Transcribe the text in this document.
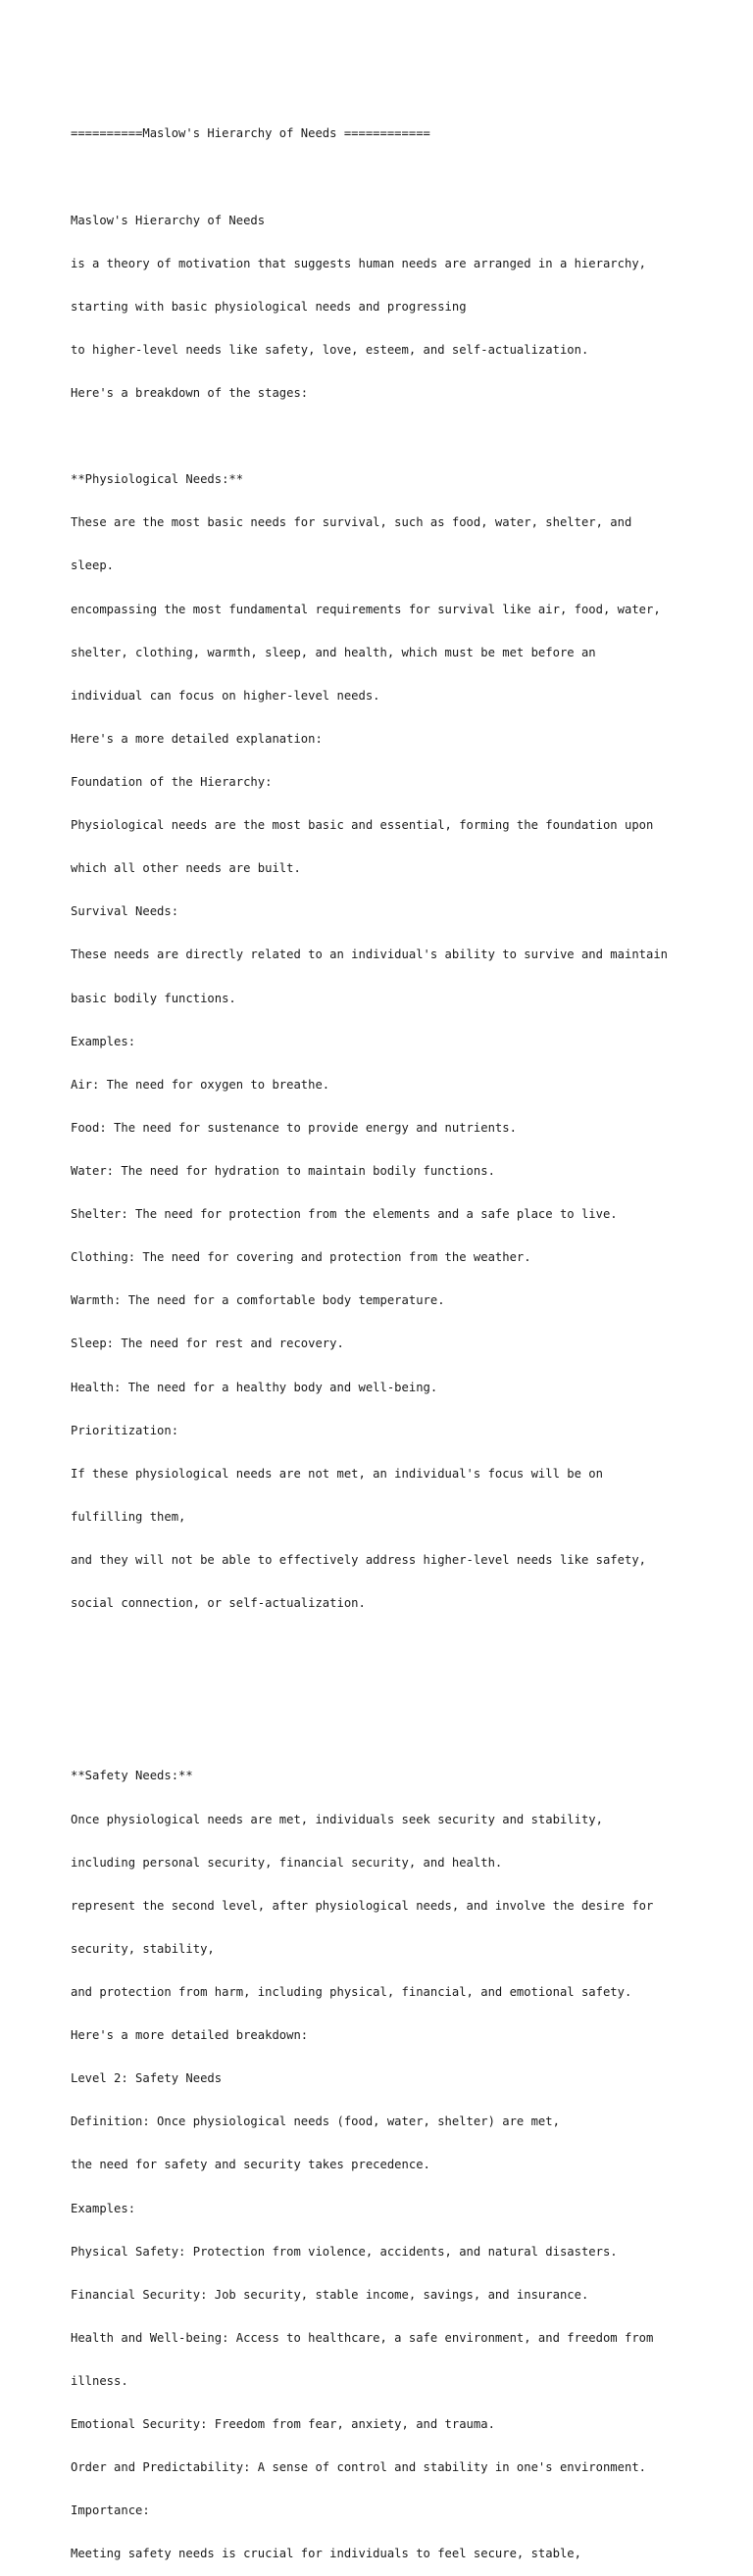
==========Maslow's Hierarchy of Needs ============

Maslow's Hierarchy of Needs

is a theory of motivation that suggests human needs are arranged in a hierarchy,

starting with basic physiological needs and progressing

to higher-level needs like safety, love, esteem, and self-actualization.

Here's a breakdown of the stages:

**Physiological Needs:**

These are the most basic needs for survival, such as food, water, shelter, and

sleep.

encompassing the most fundamental requirements for survival like air, food, water,

shelter, clothing, warmth, sleep, and health, which must be met before an

individual can focus on higher-level needs.

Here's a more detailed explanation:

Foundation of the Hierarchy:

Physiological needs are the most basic and essential, forming the foundation upon

which all other needs are built.

Survival Needs:

These needs are directly related to an individual's ability to survive and maintain

basic bodily functions.

Examples:

Air: The need for oxygen to breathe.

Food: The need for sustenance to provide energy and nutrients.

Water: The need for hydration to maintain bodily functions.

Shelter: The need for protection from the elements and a safe place to live.

Clothing: The need for covering and protection from the weather.

Warmth: The need for a comfortable body temperature.

Sleep: The need for rest and recovery.

Health: The need for a healthy body and well-being.

Prioritization:

If these physiological needs are not met, an individual's focus will be on

fulfilling them,

and they will not be able to effectively address higher-level needs like safety,

social connection, or self-actualization.

**Safety Needs:**

Once physiological needs are met, individuals seek security and stability,

including personal security, financial security, and health.

represent the second level, after physiological needs, and involve the desire for

security, stability,

and protection from harm, including physical, financial, and emotional safety.

Here's a more detailed breakdown:

Level 2: Safety Needs

Definition: Once physiological needs (food, water, shelter) are met,

the need for safety and security takes precedence.

Examples:

Physical Safety: Protection from violence, accidents, and natural disasters.

Financial Security: Job security, stable income, savings, and insurance.

Health and Well-being: Access to healthcare, a safe environment, and freedom from

illness.

Emotional Security: Freedom from fear, anxiety, and trauma.

Order and Predictability: A sense of control and stability in one's environment.

Importance:

Meeting safety needs is crucial for individuals to feel secure, stable,
